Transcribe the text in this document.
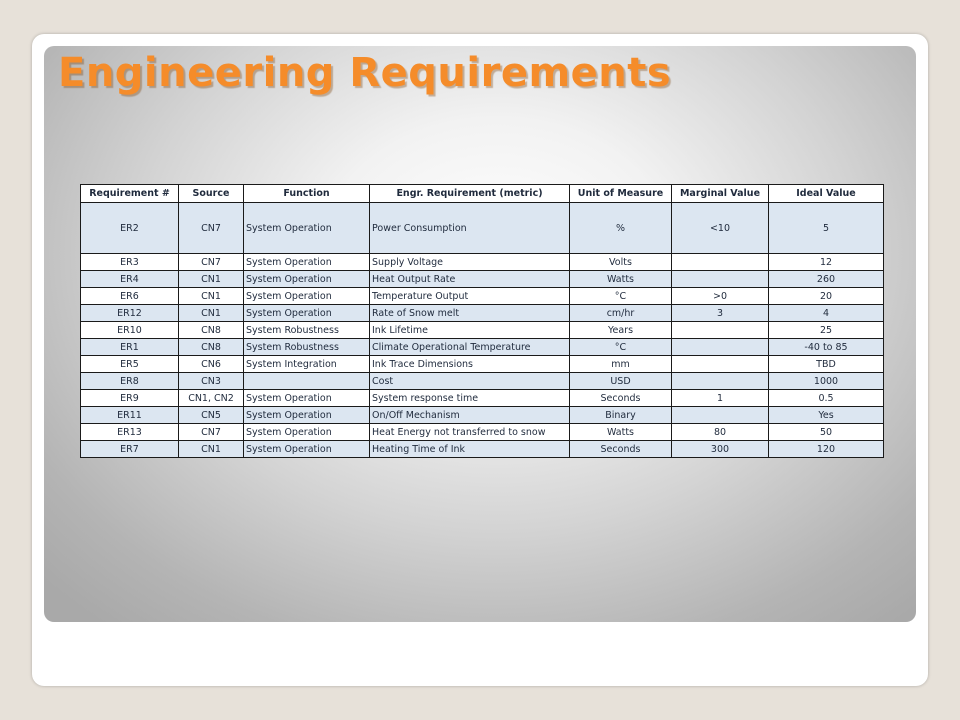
Engineering Requirements
Requirement #	Source	Function	Engr. Requirement (metric)	Unit of Measure	Marginal Value	Ideal Value
ER2	CN7	System Operation	Power Consumption	%	<10	5
ER3	CN7	System Operation	Supply Voltage	Volts		12
ER4	CN1	System Operation	Heat Output Rate	Watts		260
ER6	CN1	System Operation	Temperature Output	°C	>0	20
ER12	CN1	System Operation	Rate of Snow melt	cm/hr	3	4
ER10	CN8	System Robustness	Ink Lifetime	Years		25
ER1	CN8	System Robustness	Climate Operational Temperature	°C		-40 to 85
ER5	CN6	System Integration	Ink Trace Dimensions	mm		TBD
ER8	CN3		Cost	USD		1000
ER9	CN1, CN2	System Operation	System response time	Seconds	1	0.5
ER11	CN5	System Operation	On/Off Mechanism	Binary		Yes
ER13	CN7	System Operation	Heat Energy not transferred to snow	Watts	80	50
ER7	CN1	System Operation	Heating Time of Ink	Seconds	300	120
